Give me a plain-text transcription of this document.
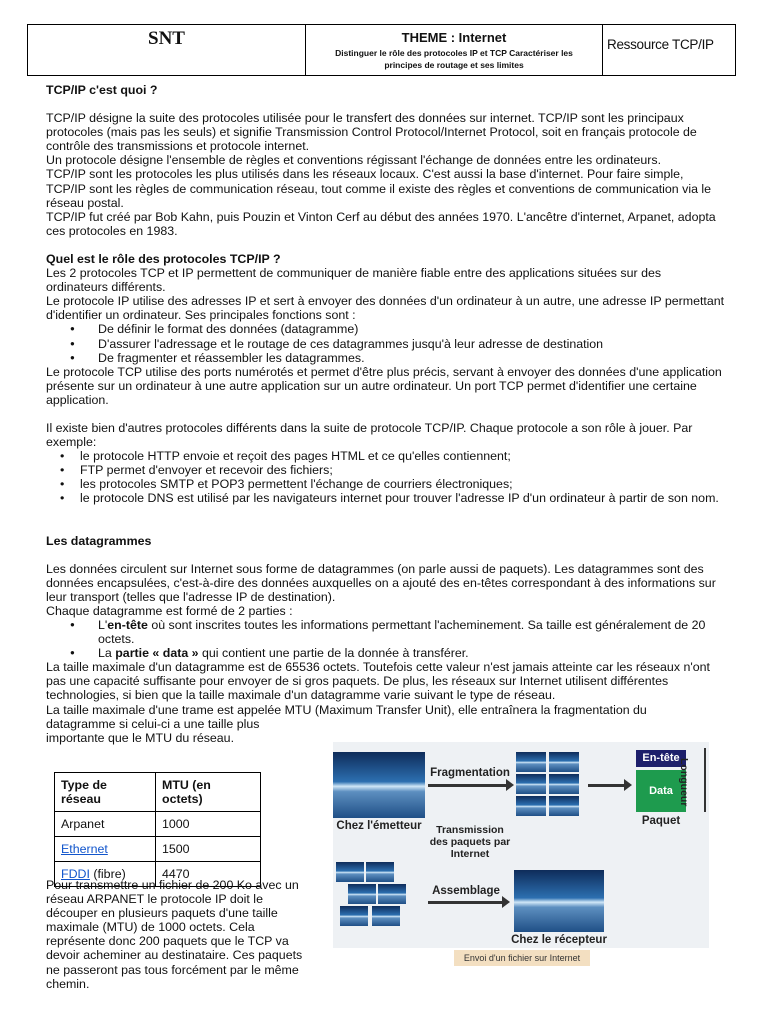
SNT	THEME : Internet
Distinguer le rôle des protocoles IP et TCP Caractériser les principes de routage et ses limites
Ressource TCP/IP
TCP/IP c'est quoi ?

TCP/IP désigne la suite des protocoles utilisée pour le transfert des données sur internet. TCP/IP sont les principaux protocoles (mais pas les seuls) et signifie Transmission Control Protocol/Internet Protocol, soit en français protocole de contrôle des transmissions et protocole internet.

Un protocole désigne l'ensemble de règles et conventions régissant l'échange de données entre les ordinateurs.

TCP/IP sont les protocoles les plus utilisés dans les réseaux locaux. C'est aussi la base d'internet. Pour faire simple, TCP/IP sont les règles de communication réseau, tout comme il existe des règles et conventions de communication via le réseau postal.

TCP/IP fut créé par Bob Kahn, puis Pouzin et Vinton Cerf au début des années 1970. L'ancêtre d'internet, Arpanet, adopta ces protocoles en 1983.

Quel est le rôle des protocoles TCP/IP ?

Les 2 protocoles TCP et IP permettent de communiquer de manière fiable entre des applications situées sur des ordinateurs différents.

Le protocole IP utilise des adresses IP et sert à envoyer des données d'un ordinateur à un autre, une adresse IP permettant d'identifier un ordinateur. Ses principales fonctions sont :

● De définir le format des données (datagramme)
● D'assurer l'adressage et le routage de ces datagrammes jusqu'à leur adresse de destination
● De fragmenter et réassembler les datagrammes.

Le protocole TCP utilise des ports numérotés et permet d'être plus précis, servant à envoyer des données d'une application présente sur un ordinateur à une autre application sur un autre ordinateur. Un port TCP permet d'identifier une certaine application.

Il existe bien d'autres protocoles différents dans la suite de protocole TCP/IP. Chaque protocole a son rôle à jouer. Par exemple:

• le protocole HTTP envoie et reçoit des pages HTML et ce qu'elles contiennent;
• FTP permet d'envoyer et recevoir des fichiers;
• les protocoles SMTP et POP3 permettent l'échange de courriers électroniques;
• le protocole DNS est utilisé par les navigateurs internet pour trouver l'adresse IP d'un ordinateur à partir de son nom.
Les datagrammes

Les données circulent sur Internet sous forme de datagrammes (on parle aussi de paquets). Les datagrammes sont des données encapsulées, c'est-à-dire des données auxquelles on a ajouté des en-têtes correspondant à des informations sur leur transport (telles que l'adresse IP de destination).

Chaque datagramme est formé de 2 parties :

● L'en-tête où sont inscrites toutes les informations permettant l'acheminement. Sa taille est généralement de 20 octets.
● La partie « data » qui contient une partie de la donnée à transférer.

La taille maximale d'un datagramme est de 65536 octets. Toutefois cette valeur n'est jamais atteinte car les réseaux n'ont pas une capacité suffisante pour envoyer de si gros paquets. De plus, les réseaux sur Internet utilisent différentes technologies, si bien que la taille maximale d'un datagramme varie suivant le type de réseau.

La taille maximale d'une trame est appelée MTU (Maximum Transfer Unit), elle entraînera la fragmentation du

datagramme si celui-ci a une taille plus importante que le MTU du réseau.

Type de réseau	MTU (en octets)
Arpanet	1000
Ethernet	1500
FDDI (fibre)	4470

Pour transmettre un fichier de 200 Ko avec un réseau ARPANET le protocole IP doit le découper en plusieurs paquets d'une taille maximale (MTU) de 1000 octets. Cela représente donc 200 paquets que le TCP va devoir acheminer au destinataire. Ces paquets ne passeront pas tous forcément par le même chemin.

Chez l'émetteur
Fragmentation
En-tête
Data Longueur
Paquet
Transmission des paquets par Internet
Assemblage
Chez le récepteur
Envoi d'un fichier sur Internet
